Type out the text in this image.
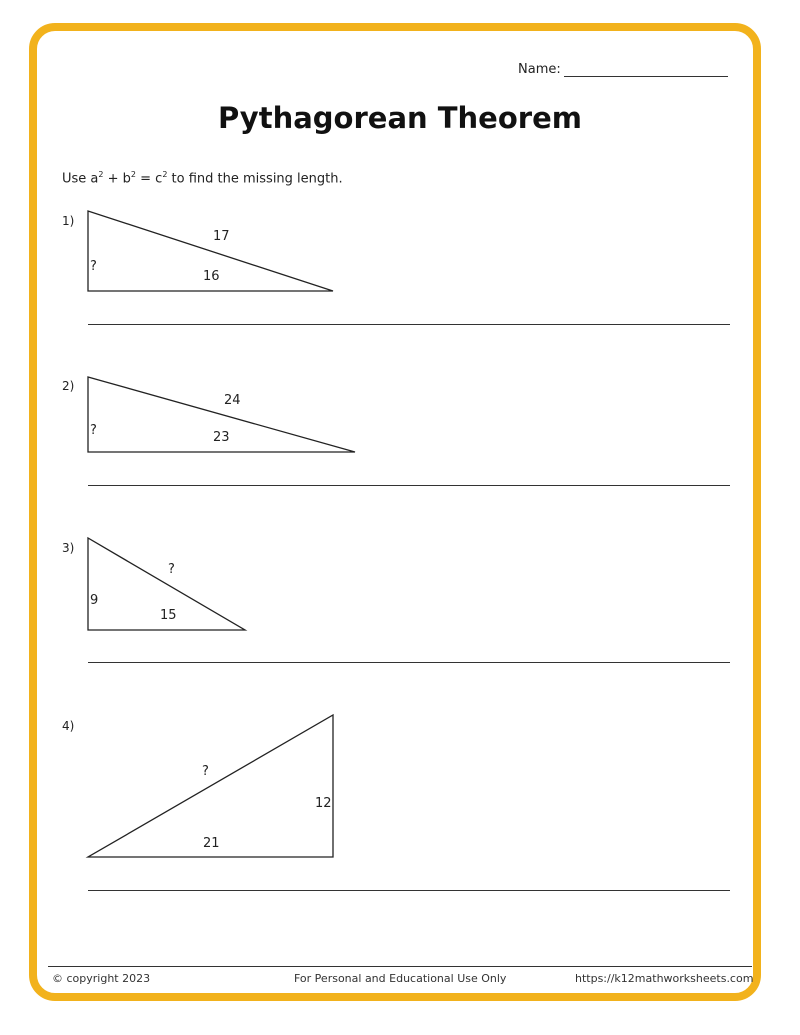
Name:
Pythagorean Theorem
Use $a^2 + b^2 = c^2$ to find the missing length.
1)
2)
3)
4)
17
16
?
24
23
?
?
15
9
?
21
12
© copyright 2023	For Personal and Educational Use Only	https://k12mathworksheets.com
